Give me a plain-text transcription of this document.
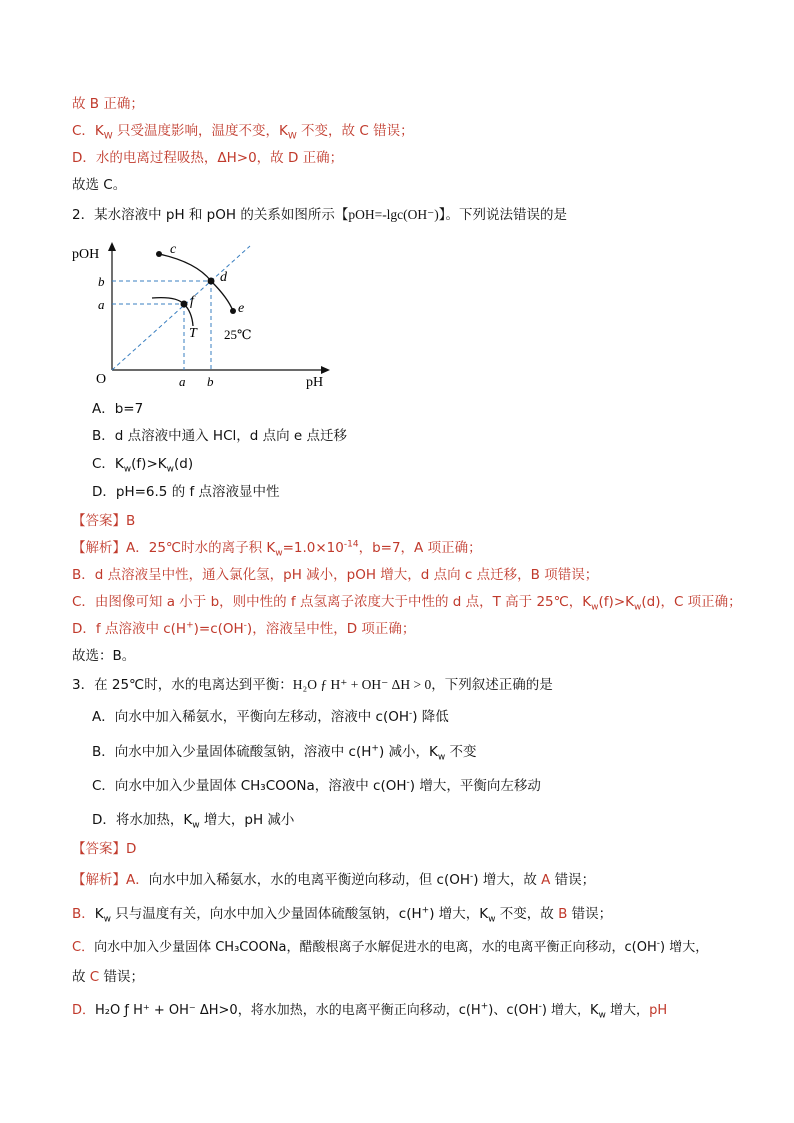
故 B 正确；
C．$K_W$ 只受温度影响，温度不变，$K_W$ 不变，故 C 错误；
D．水的电离过程吸热，ΔH>0，故 D 正确；
故选 C。
2．某水溶液中 pH 和 pOH 的关系如图所示【pOH=-lgc(OH⁻)】。下列说法错误的是
pOH
pH
O
b
a
a b
c
d
f	e
T 25℃
A．b=7
B．d 点溶液中通入 HCl，d 点向 e 点迁移
C．$K_w(f)>K_w(d)$
D．pH=6.5 的 f 点溶液显中性
【答案】B
【解析】A．25℃时水的离子积 $K_w=1.0\times 10^{-14}$，b=7，A 项正确；
B．d 点溶液呈中性，通入氯化氢，pH 减小，pOH 增大，d 点向 c 点迁移，B 项错误；
C．由图像可知 a 小于 b，则中性的 f 点氢离子浓度大于中性的 d 点，T 高于 25℃，$K_w(f)>K_w(d)$，C 项正确；
D．f 点溶液中 c(H+)=c(OH-)，溶液呈中性，D 项正确；
故选：B。
3．在 25℃时，水的电离达到平衡：H₂O ƒ H⁺ + OH⁻ ΔH > 0，下列叙述正确的是
A．向水中加入稀氨水，平衡向左移动，溶液中 c(OH-) 降低
B．向水中加入少量固体硫酸氢钠，溶液中 c(H+) 减小，$K_w$ 不变
C．向水中加入少量固体 CH₃COONa，溶液中 c(OH-) 增大，平衡向左移动
D．将水加热，$K_w$ 增大，pH 减小
【答案】D
【解析】A．向水中加入稀氨水，水的电离平衡逆向移动，但 c(OH-) 增大，故 A 错误；
B．$K_w$ 只与温度有关，向水中加入少量固体硫酸氢钠，c(H+) 增大，$K_w$ 不变，故 B 错误；
C．向水中加入少量固体 CH₃COONa，醋酸根离子水解促进水的电离，水的电离平衡正向移动，c(OH-) 增大，
故 C 错误；
D．H₂O ƒ H⁺ + OH⁻ ΔH>0，将水加热，水的电离平衡正向移动，c(H+)、c(OH-) 增大，$K_w$ 增大，pH
